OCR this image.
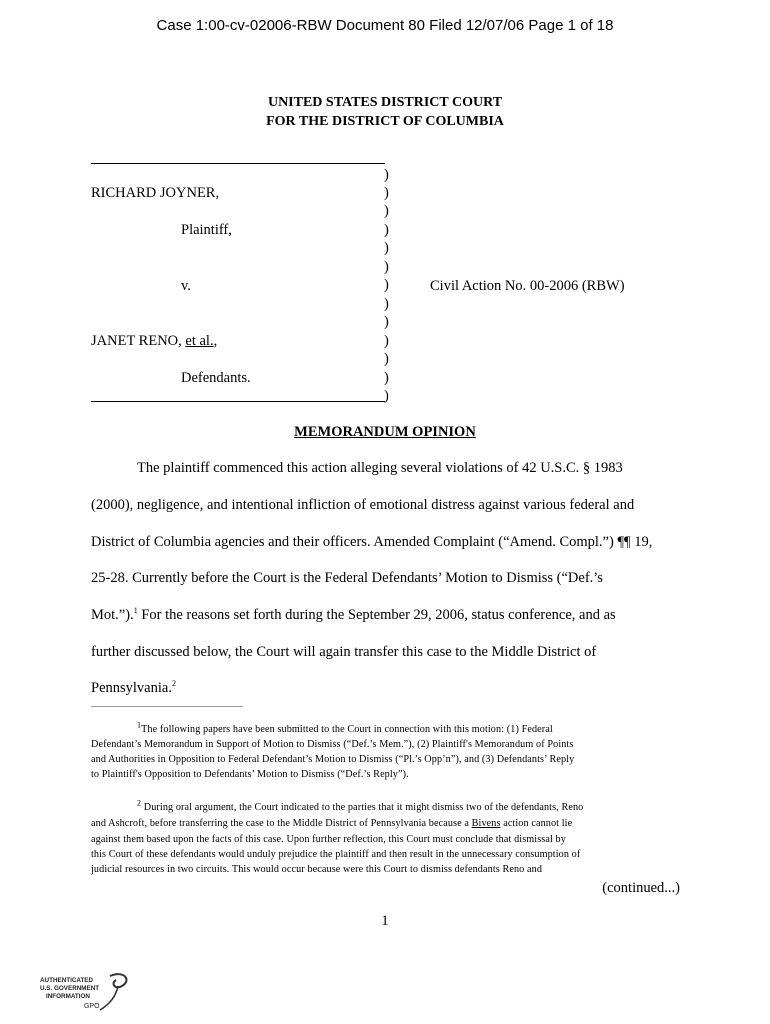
Case 1:00-cv-02006-RBW Document 80 Filed 12/07/06 Page 1 of 18
UNITED STATES DISTRICT COURT
FOR THE DISTRICT OF COLUMBIA
RICHARD JOYNER,
Plaintiff,
v.
JANET RENO, et al.,
Defendants.
Civil Action No. 00-2006 (RBW)
)
)
)
)
)
)
)
)
)
)
)
)
)
MEMORANDUM OPINION
The plaintiff commenced this action alleging several violations of 42 U.S.C. § 1983
(2000), negligence, and intentional infliction of emotional distress against various federal and
District of Columbia agencies and their officers. Amended Complaint (“Amend. Compl.”) ¶¶ 19,
25-28. Currently before the Court is the Federal Defendants’ Motion to Dismiss (“Def.’s
Mot.”).$^1$ For the reasons set forth during the September 29, 2006, status conference, and as
further discussed below, the Court will again transfer this case to the Middle District of
Pennsylvania.$^2$
$^1$The following papers have been submitted to the Court in connection with this motion: (1) Federal
Defendant’s Memorandum in Support of Motion to Dismiss (“Def.’s Mem.”), (2) Plaintiff's Memorandum of Points
and Authorities in Opposition to Federal Defendant’s Motion to Dismiss (“Pl.’s Opp’n”), and (3) Defendants’ Reply
to Plaintiff's Opposition to Defendants’ Motion to Dismiss (“Def.’s Reply”).
$^2$ During oral argument, the Court indicated to the parties that it might dismiss two of the defendants, Reno
and Ashcroft, before transferring the case to the Middle District of Pennsylvania because a Bivens action cannot lie
against them based upon the facts of this case. Upon further reflection, this Court must conclude that dismissal by
this Court of these defendants would unduly prejudice the plaintiff and then result in the unnecessary consumption of
judicial resources in two circuits. This would occur because were this Court to dismiss defendants Reno and
(continued...)
1
AUTHENTICATED
U.S. GOVERNMENT
INFORMATION
GPO
